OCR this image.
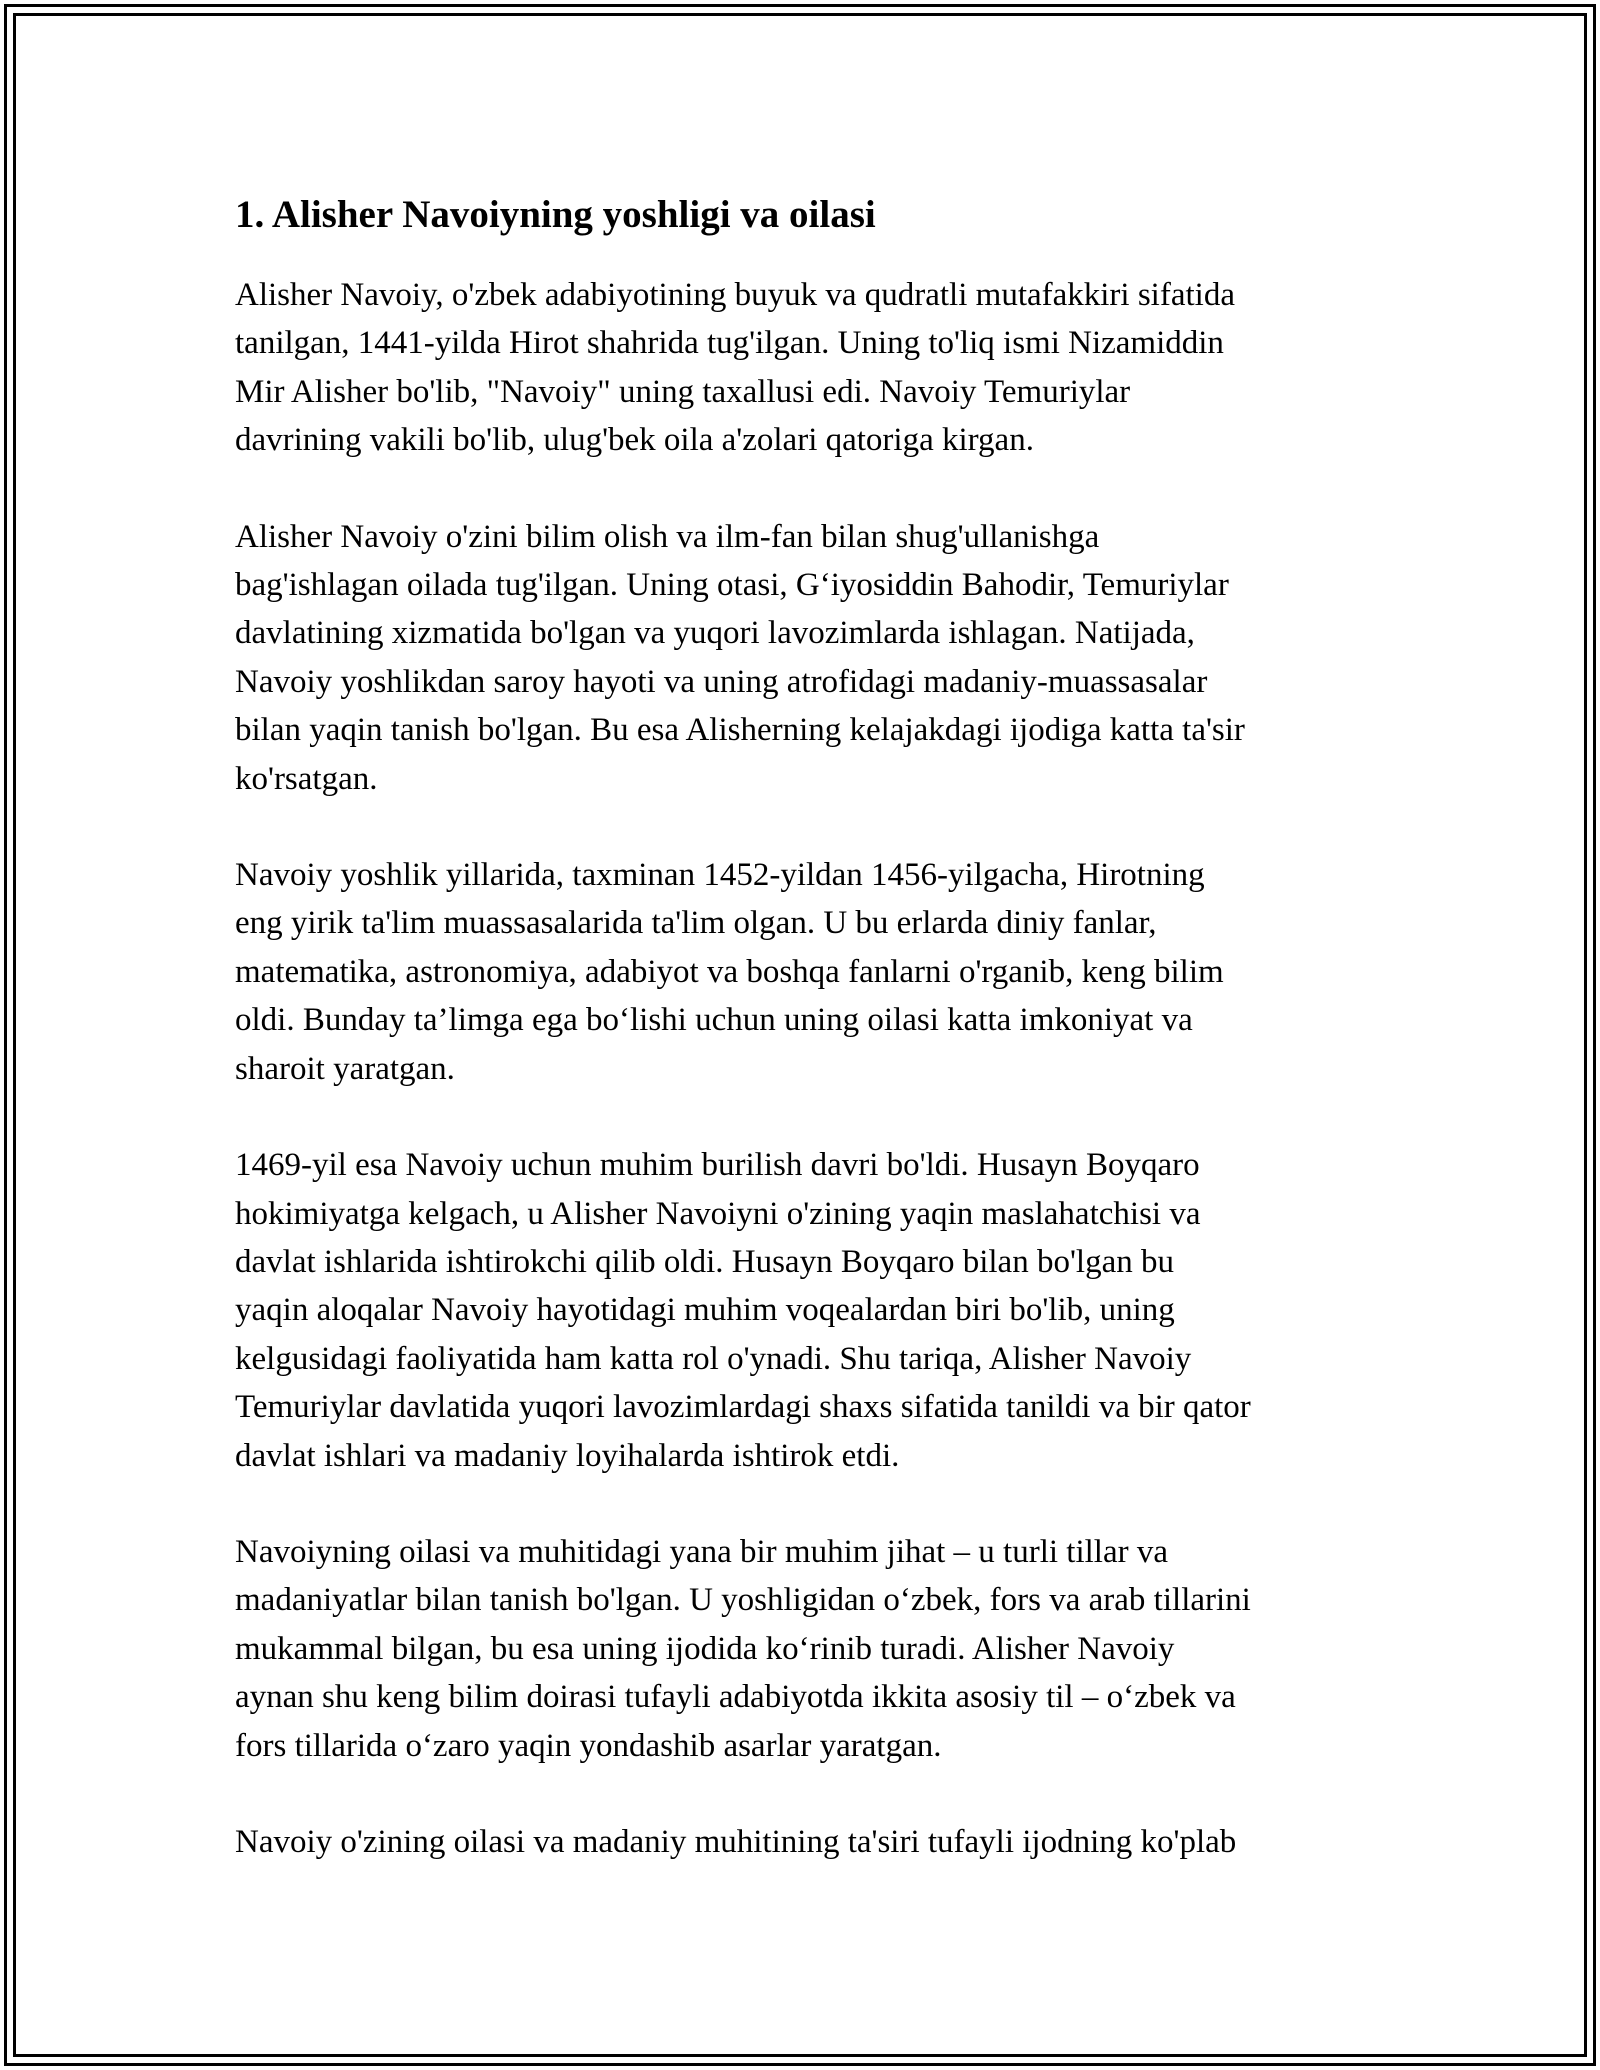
1. Alisher Navoiyning yoshligi va oilasi

Alisher Navoiy, o'zbek adabiyotining buyuk va qudratli mutafakkiri sifatida
tanilgan, 1441-yilda Hirot shahrida tug'ilgan. Uning to'liq ismi Nizamiddin
Mir Alisher bo'lib, "Navoiy" uning taxallusi edi. Navoiy Temuriylar
davrining vakili bo'lib, ulug'bek oila a'zolari qatoriga kirgan.

Alisher Navoiy o'zini bilim olish va ilm-fan bilan shug'ullanishga
bag'ishlagan oilada tug'ilgan. Uning otasi, G‘iyosiddin Bahodir, Temuriylar
davlatining xizmatida bo'lgan va yuqori lavozimlarda ishlagan. Natijada,
Navoiy yoshlikdan saroy hayoti va uning atrofidagi madaniy-muassasalar
bilan yaqin tanish bo'lgan. Bu esa Alisherning kelajakdagi ijodiga katta ta'sir
ko'rsatgan.

Navoiy yoshlik yillarida, taxminan 1452-yildan 1456-yilgacha, Hirotning
eng yirik ta'lim muassasalarida ta'lim olgan. U bu erlarda diniy fanlar,
matematika, astronomiya, adabiyot va boshqa fanlarni o'rganib, keng bilim
oldi. Bunday ta’limga ega bo‘lishi uchun uning oilasi katta imkoniyat va
sharoit yaratgan.

1469-yil esa Navoiy uchun muhim burilish davri bo'ldi. Husayn Boyqaro
hokimiyatga kelgach, u Alisher Navoiyni o'zining yaqin maslahatchisi va
davlat ishlarida ishtirokchi qilib oldi. Husayn Boyqaro bilan bo'lgan bu
yaqin aloqalar Navoiy hayotidagi muhim voqealardan biri bo'lib, uning
kelgusidagi faoliyatida ham katta rol o'ynadi. Shu tariqa, Alisher Navoiy
Temuriylar davlatida yuqori lavozimlardagi shaxs sifatida tanildi va bir qator
davlat ishlari va madaniy loyihalarda ishtirok etdi.

Navoiyning oilasi va muhitidagi yana bir muhim jihat – u turli tillar va
madaniyatlar bilan tanish bo'lgan. U yoshligidan o‘zbek, fors va arab tillarini
mukammal bilgan, bu esa uning ijodida ko‘rinib turadi. Alisher Navoiy
aynan shu keng bilim doirasi tufayli adabiyotda ikkita asosiy til – o‘zbek va
fors tillarida o‘zaro yaqin yondashib asarlar yaratgan.

Navoiy o'zining oilasi va madaniy muhitining ta'siri tufayli ijodning ko'plab
